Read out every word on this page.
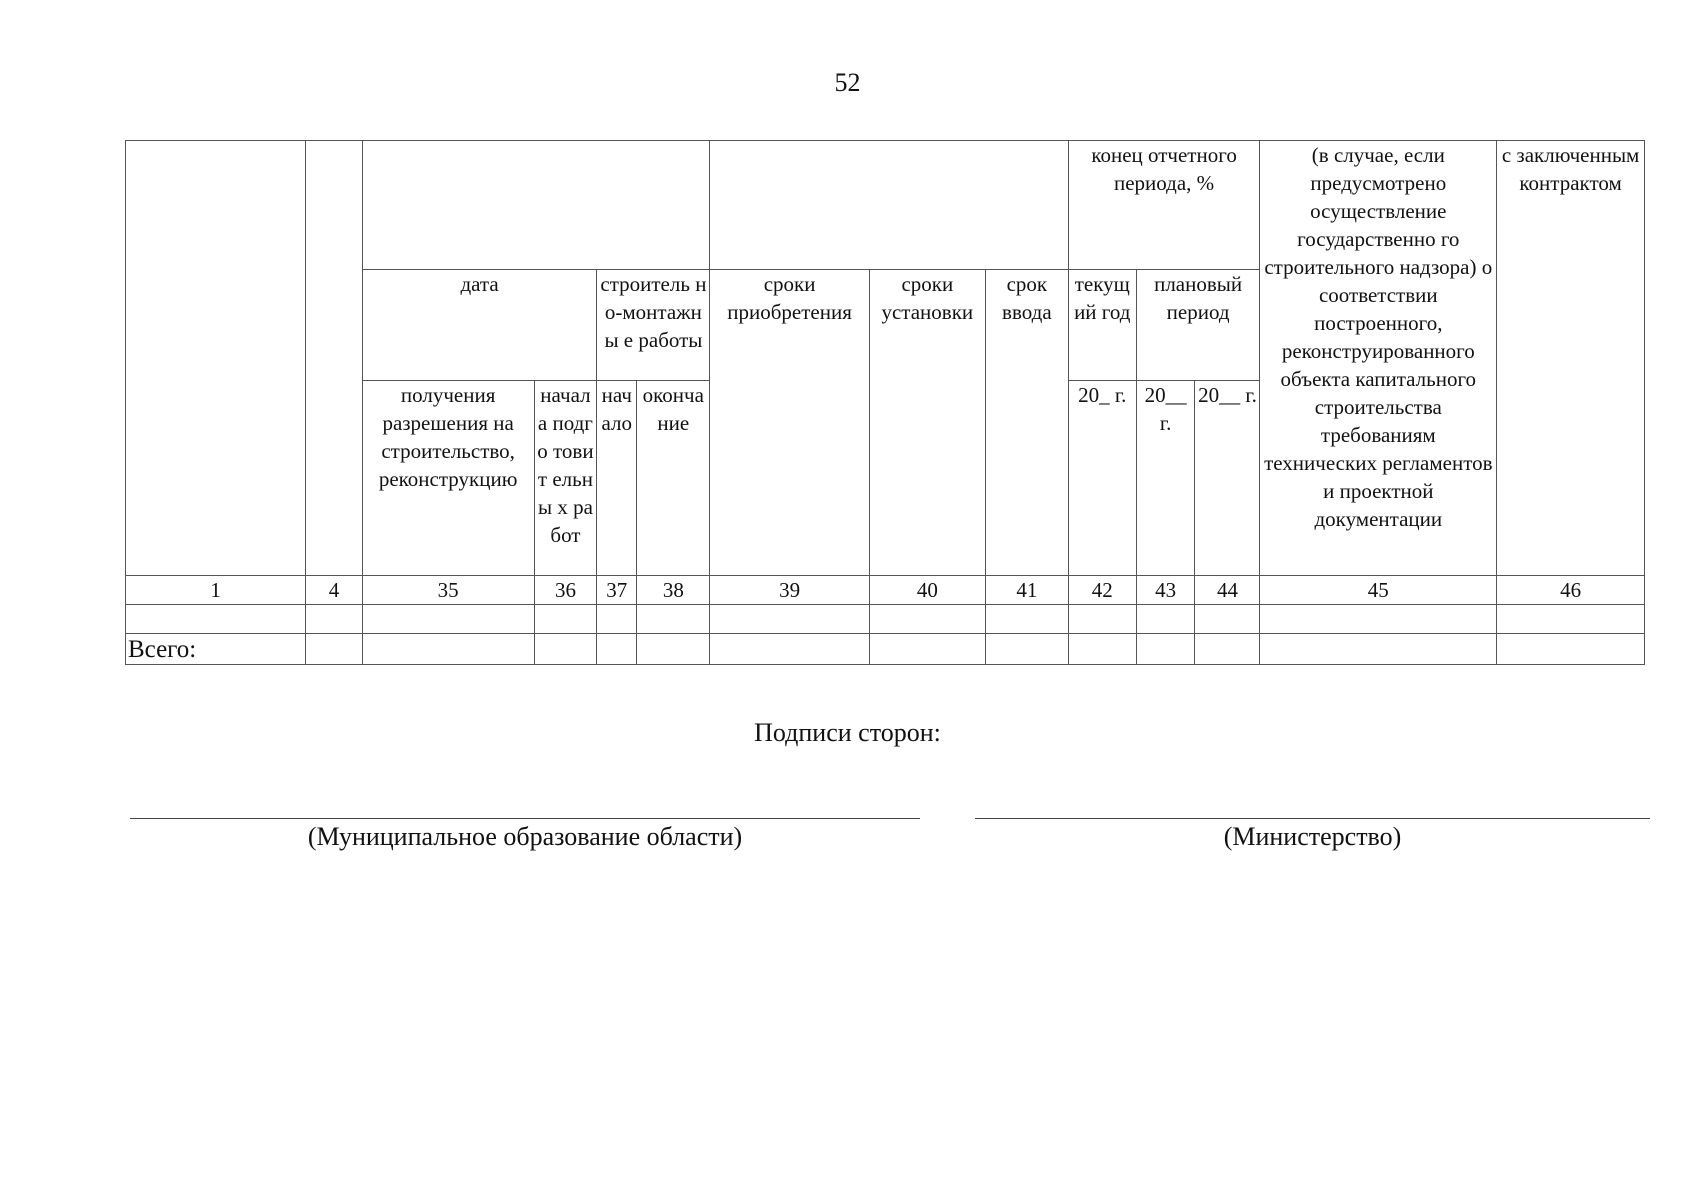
52
									конец отчетного периода, %			(в случае, если предусмотрено осуществление государственно го строительного надзора) о соответствии построенного, реконструированного объекта капитального строительства требованиям технических регламентов и проектной документации	с заключенным контрактом
		дата		строитель но-монтажны е работы		сроки приобретения	сроки установки	срок ввода	текущ ий год	плановый период			
		получения разрешения на строительство, реконструкцию	начал а подго товит ельны х работ	нач ало	оконча ние				20_ г.	20__ г.	20__ г.		
1	4	35	36	37	38	39	40	41	42	43	44	45	46

Всего:													
Подписи сторон:
(Муниципальное образование области)	(Министерство)
